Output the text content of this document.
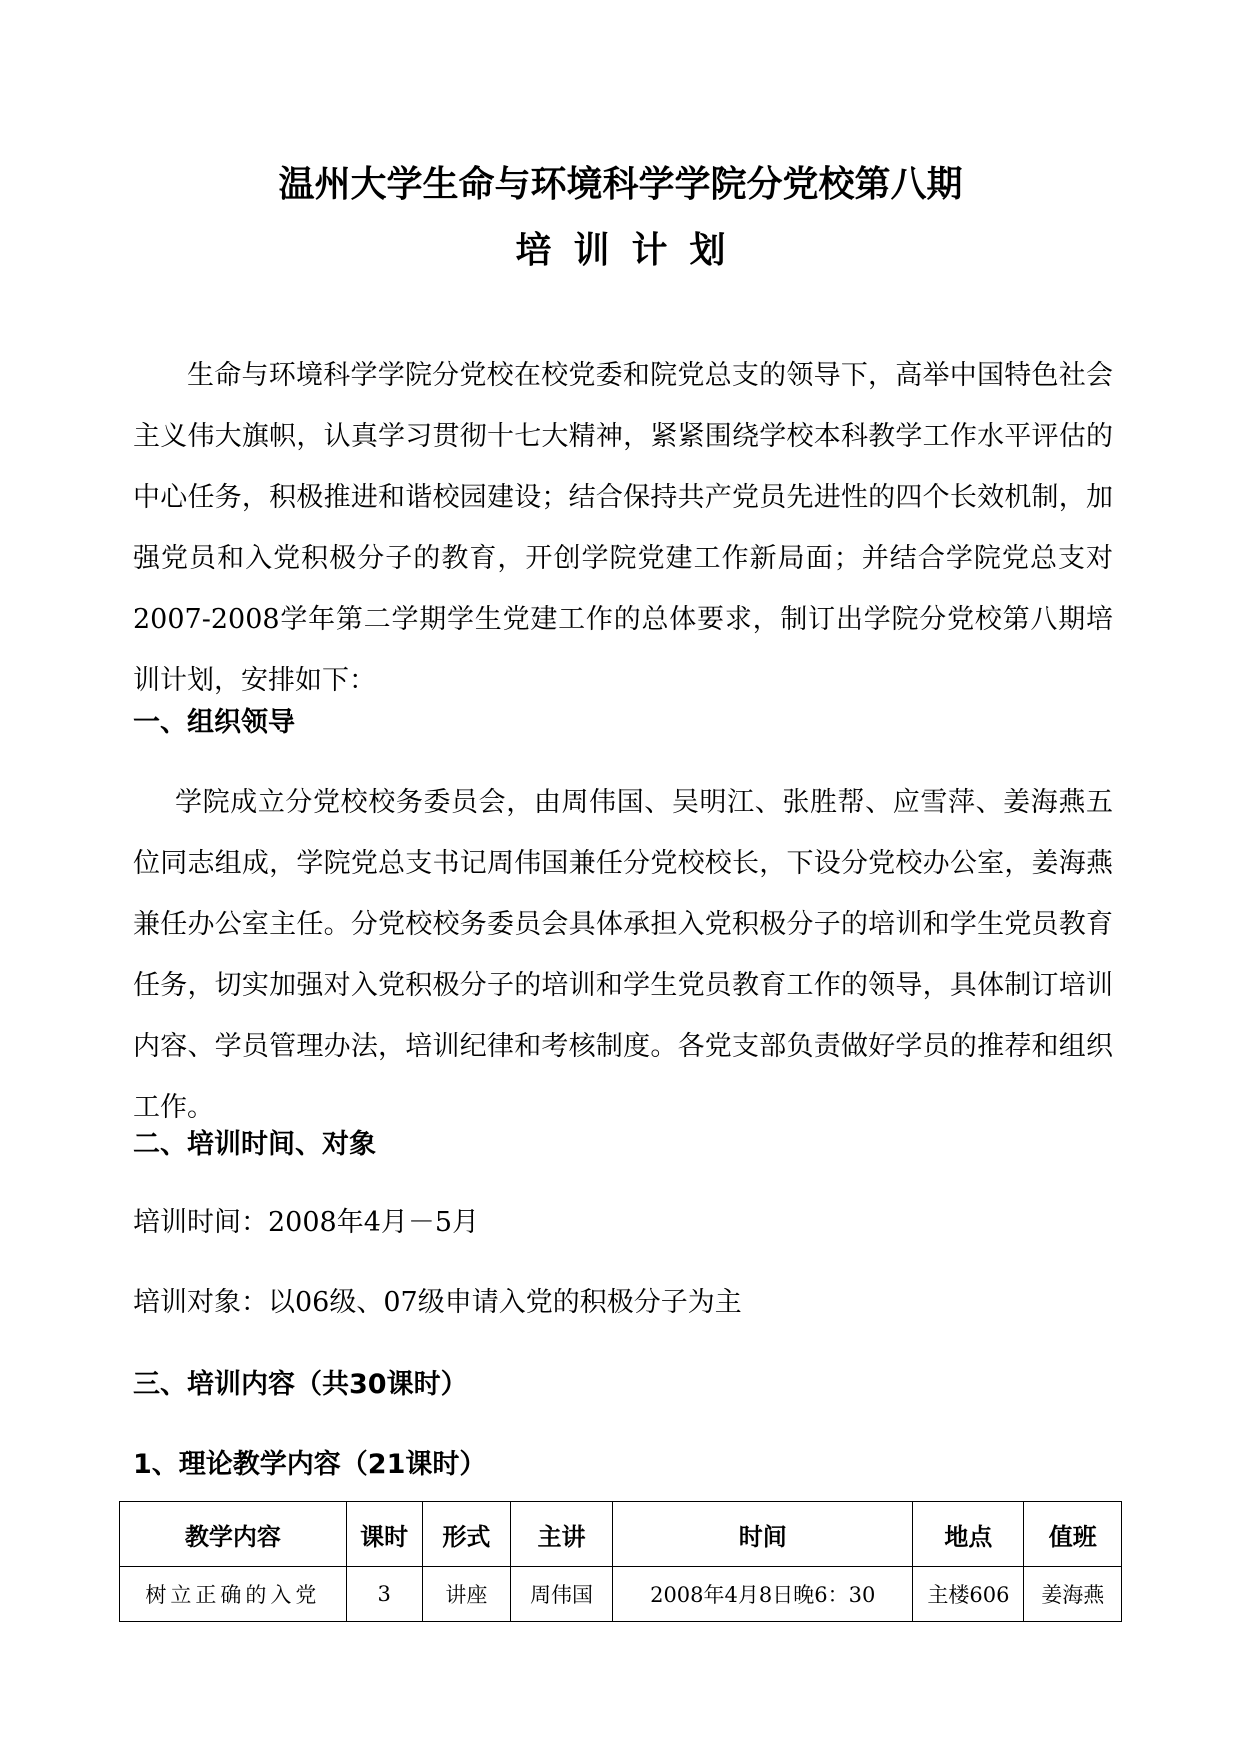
温州大学生命与环境科学学院分党校第八期
培训计划

生命与环境科学学院分党校在校党委和院党总支的领导下，高举中国特色社会主义伟大旗帜，认真学习贯彻十七大精神，紧紧围绕学校本科教学工作水平评估的中心任务，积极推进和谐校园建设；结合保持共产党员先进性的四个长效机制，加强党员和入党积极分子的教育，开创学院党建工作新局面；并结合学院党总支对2007-2008学年第二学期学生党建工作的总体要求，制订出学院分党校第八期培训计划，安排如下：

一、组织领导

学院成立分党校校务委员会，由周伟国、吴明江、张胜帮、应雪萍、姜海燕五位同志组成，学院党总支书记周伟国兼任分党校校长，下设分党校办公室，姜海燕兼任办公室主任。分党校校务委员会具体承担入党积极分子的培训和学生党员教育任务，切实加强对入党积极分子的培训和学生党员教育工作的领导，具体制订培训内容、学员管理办法，培训纪律和考核制度。各党支部负责做好学员的推荐和组织工作。

二、培训时间、对象

培训时间：2008年4月－5月

培训对象：以06级、07级申请入党的积极分子为主

三、培训内容（共30课时）
1、理论教学内容（21课时）
教学内容	课时	形式	主讲	时间	地点	值班
树立正确的入党	3	讲座	周伟国	2008年4月8日晚6：30	主楼606	姜海燕
